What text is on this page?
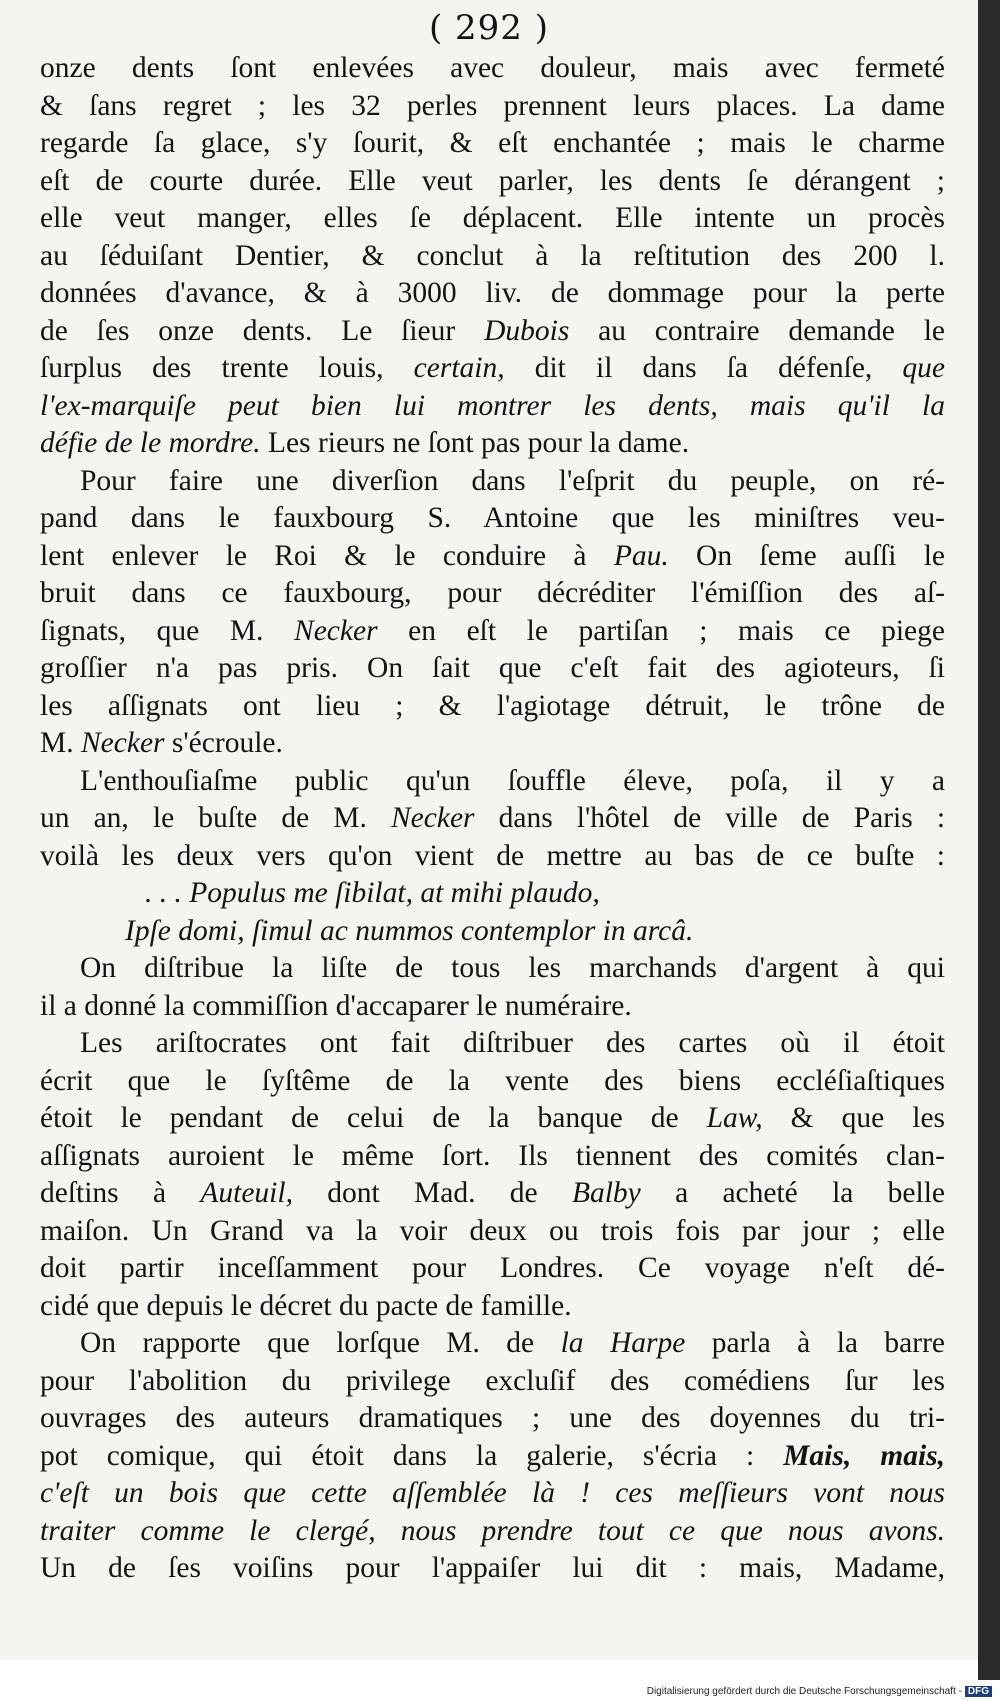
( 292 )
onze dents ſont enlevées avec douleur, mais avec fermeté
& ſans regret ; les 32 perles prennent leurs places. La dame
regarde ſa glace, s'y ſourit, & eſt enchantée ; mais le charme
eſt de courte durée. Elle veut parler, les dents ſe dérangent ;
elle veut manger, elles ſe déplacent. Elle intente un procès
au ſéduiſant Dentier, & conclut à la reſtitution des 200 l.
données d'avance, & à 3000 liv. de dommage pour la perte
de ſes onze dents. Le ſieur Dubois au contraire demande le
ſurplus des trente louis, certain, dit il dans ſa défenſe, que
l'ex-marquiſe peut bien lui montrer les dents, mais qu'il la
défie de le mordre. Les rieurs ne ſont pas pour la dame.
Pour faire une diverſion dans l'eſprit du peuple, on ré-
pand dans le fauxbourg S. Antoine que les miniſtres veu-
lent enlever le Roi & le conduire à Pau. On ſeme auſſi le
bruit dans ce fauxbourg, pour décréditer l'émiſſion des aſ-
ſignats, que M. Necker en eſt le partiſan ; mais ce piege
groſſier n'a pas pris. On ſait que c'eſt fait des agioteurs, ſi
les aſſignats ont lieu ; & l'agiotage détruit, le trône de
M. Necker s'écroule.
L'enthouſiaſme public qu'un ſouffle éleve, poſa, il y a
un an, le buſte de M. Necker dans l'hôtel de ville de Paris :
voilà les deux vers qu'on vient de mettre au bas de ce buſte :
. . . Populus me ſibilat, at mihi plaudo,
Ipſe domi, ſimul ac nummos contemplor in arcâ.
On diſtribue la liſte de tous les marchands d'argent à qui
il a donné la commiſſion d'accaparer le numéraire.
Les ariſtocrates ont fait diſtribuer des cartes où il étoit
écrit que le ſyſtême de la vente des biens eccléſiaſtiques
étoit le pendant de celui de la banque de Law, & que les
aſſignats auroient le même ſort. Ils tiennent des comités clan-
deſtins à Auteuil, dont Mad. de Balby a acheté la belle
maiſon. Un Grand va la voir deux ou trois fois par jour ; elle
doit partir inceſſamment pour Londres. Ce voyage n'eſt dé-
cidé que depuis le décret du pacte de famille.
On rapporte que lorſque M. de la Harpe parla à la barre
pour l'abolition du privilege excluſif des comédiens ſur les
ouvrages des auteurs dramatiques ; une des doyennes du tri-
pot comique, qui étoit dans la galerie, s'écria : Mais, mais,
c'eſt un bois que cette aſſemblée là ! ces meſſieurs vont nous
traiter comme le clergé, nous prendre tout ce que nous avons.
Un de ſes voiſins pour l'appaiſer lui dit : mais, Madame,
Digitalisierung gefördert durch die Deutsche Forschungsgemeinschaft - DFG
